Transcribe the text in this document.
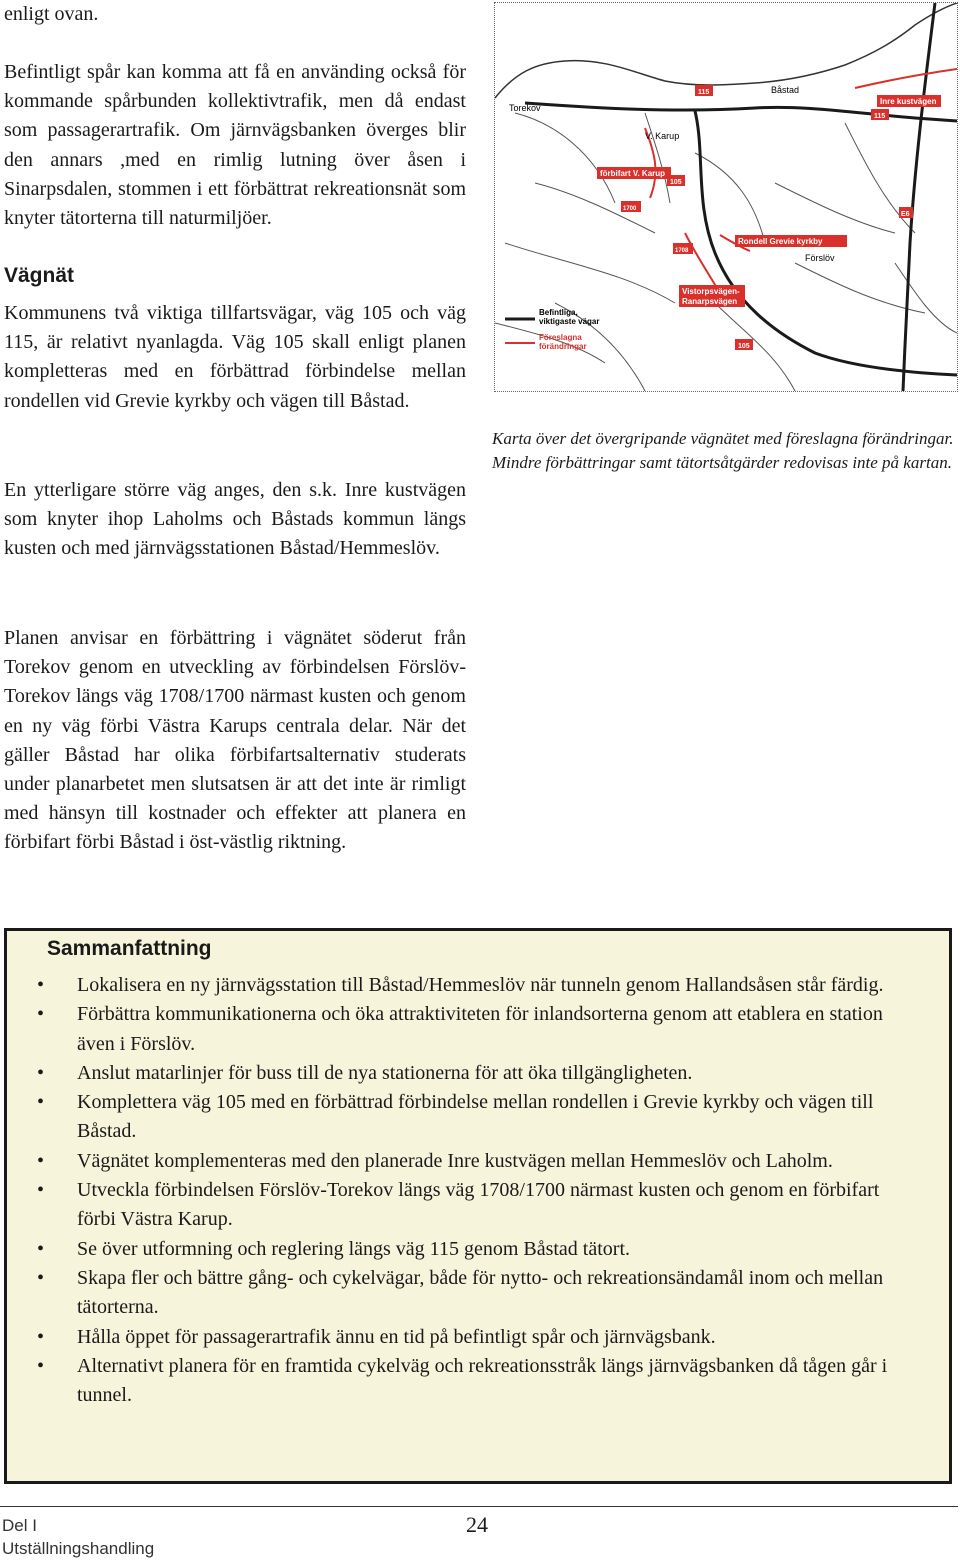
enligt ovan.

Befintligt spår kan komma att få en använding också för kommande spårbunden kollektivtrafik, men då endast som passagerartrafik. Om järnvägsbanken överges blir den annars ,med en rimlig lutning över åsen i Sinarpsdalen, stommen i ett förbättrat rekreationsnät som knyter tätorterna till naturmiljöer.

Vägnät

Kommunens två viktiga tillfartsvägar, väg 105 och väg 115, är relativt nyanlagda. Väg 105 skall enligt planen kompletteras med en förbättrad förbindelse mellan rondellen vid Grevie kyrkby och vägen till Båstad.

En ytterligare större väg anges, den s.k. Inre kustvägen som knyter ihop Laholms och Båstads kommun längs kusten och med järnvägsstationen Båstad/Hemmeslöv.

Planen anvisar en förbättring i vägnätet söderut från Torekov genom en utveckling av förbindelsen Förslöv-Torekov längs väg 1708/1700 närmast kusten och genom en ny väg förbi Västra Karups centrala delar. När det gäller Båstad har olika förbifartsalternativ studerats under planarbetet men slutsatsen är att det inte är rimligt med hänsyn till kostnader och effekter att planera en förbifart förbi Båstad i öst-västlig riktning.

Befintliga,
viktigaste vägar
Föreslagna
förändringar
Torekov
Båstad
V. Karup
Förslöv
115
115
105
105
1700
1708
E6
Inre kustvägen
förbifart V. Karup
Rondell Grevie kyrkby
Vistorpsvägen-
Ranarpsvägen

Karta över det övergripande vägnätet med föreslagna förändringar. Mindre förbättringar samt tätortsåtgärder redovisas inte på kartan.

Sammanfattning
•	Lokalisera en ny järnvägsstation till Båstad/Hemmeslöv när tunneln genom Hallandsåsen står färdig.
•	Förbättra kommunikationerna och öka attraktiviteten för inlandsorterna genom att etablera en station även i Förslöv.
•	Anslut matarlinjer för buss till de nya stationerna för att öka tillgängligheten.
•	Komplettera väg 105 med en förbättrad förbindelse mellan rondellen i Grevie kyrkby och vägen till Båstad.
•	Vägnätet komplementeras med den planerade Inre kustvägen mellan Hemmeslöv och Laholm.
•	Utveckla förbindelsen Förslöv-Torekov längs väg 1708/1700 närmast kusten och genom en förbifart förbi Västra Karup.
•	Se över utformning och reglering längs väg 115 genom Båstad tätort.
•	Skapa fler och bättre gång- och cykelvägar, både för nytto- och rekreationsändamål inom och mellan tätorterna.
•	Hålla öppet för passagerartrafik ännu en tid på befintligt spår och järnvägsbank.
•	Alternativt planera för en framtida cykelväg och rekreationsstråk längs järnvägsbanken då tågen går i tunnel.
Del I
Utställningshandling
24
